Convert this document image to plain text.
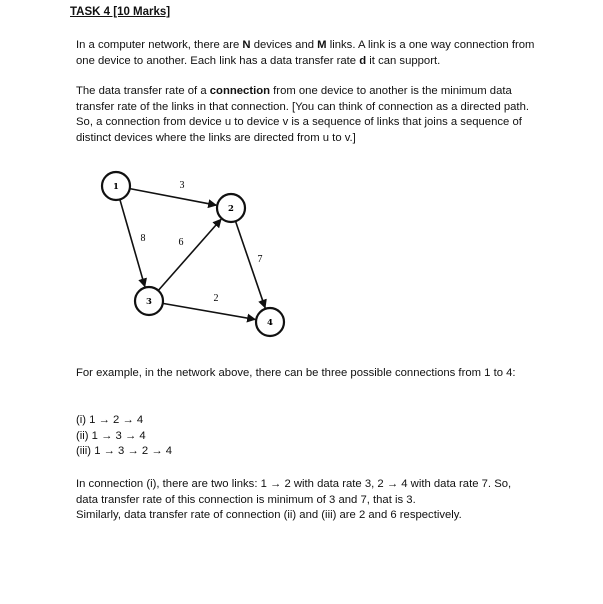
TASK 4 [10 Marks]

In a computer network, there are N devices and M links. A link is a one way connection from one device to another. Each link has a data transfer rate d it can support.

The data transfer rate of a connection from one device to another is the minimum data transfer rate of the links in that connection. [You can think of connection as a directed path. So, a connection from device u to device v is a sequence of links that joins a sequence of distinct devices where the links are directed from u to v.]

3
8	6
7
2
1
2
3
4

For example, in the network above, there can be three possible connections from 1 to 4:

(i) 1 → 2 → 4
(ii) 1 → 3 → 4
(iii) 1 → 3 → 2 → 4
In connection (i), there are two links: 1 → 2 with data rate 3, 2 → 4 with data rate 7. So,
data transfer rate of this connection is minimum of 3 and 7, that is 3.
Similarly, data transfer rate of connection (ii) and (iii) are 2 and 6 respectively.
